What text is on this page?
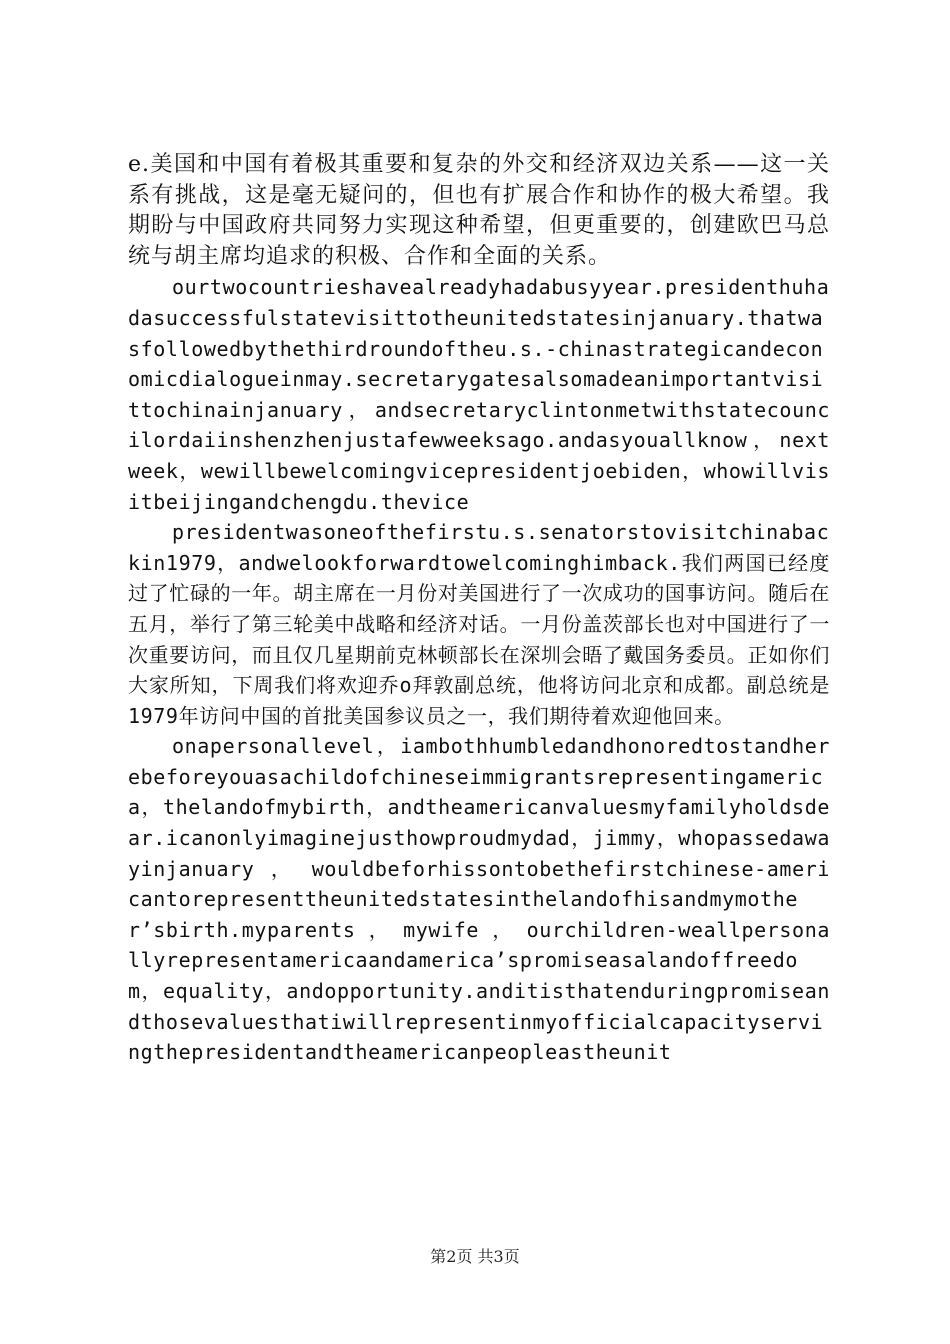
e.美国和中国有着极其重要和复杂的外交和经济双边关系——这一关系有挑战，这是毫无疑问的，但也有扩展合作和协作的极大希望。我期盼与中国政府共同努力实现这种希望，但更重要的，创建欧巴马总统与胡主席均追求的积极、合作和全面的关系。

ourtwocountrieshavealreadyhadabusyyear.presidenthuhadasuccessfulstatevisittotheunitedstatesinjanuary.thatwasfollowedbythethirdroundoftheu.s.-chinastrategicandeconomicdialogueinmay.secretarygatesalsomadeanimportantvisittochinainjanuary，andsecretaryclintonmetwithstatecouncilordaiinshenzhenjustafewweeksago.andasyouallknow，nextweek，wewillbewelcomingvicepresidentjoebiden，whowillvisitbeijingandchengdu.thevice

presidentwasoneofthefirstu.s.senatorstovisitchinabackin1979，andwelookforwardtowelcominghimback.我们两国已经度过了忙碌的一年。胡主席在一月份对美国进行了一次成功的国事访问。随后在五月，举行了第三轮美中战略和经济对话。一月份盖茨部长也对中国进行了一次重要访问，而且仅几星期前克林顿部长在深圳会晤了戴国务委员。正如你们大家所知，下周我们将欢迎乔o拜敦副总统，他将访问北京和成都。副总统是1979年访问中国的首批美国参议员之一，我们期待着欢迎他回来。

onapersonallevel，iambothhumbledandhonoredtostandherebeforeyouasachildofchineseimmigrantsrepresentingamerica，thelandofmybirth，andtheamericanvaluesmyfamilyholdsdear.icanonlyimaginejusthowproudmydad，jimmy，whopassedawayinjanuary ， wouldbeforhissontobethefirstchinese-americantorepresenttheunitedstatesinthelandofhisandmymother’sbirth.myparents ， mywife ， ourchildren-weallpersonallyrepresentamericaandamerica’spromiseasalandoffreedom，equality，andopportunity.anditisthatenduringpromiseandthosevaluesthatiwillrepresentinmyofficialcapacityservingthepresidentandtheamericanpeopleastheunit

第2页 共3页
